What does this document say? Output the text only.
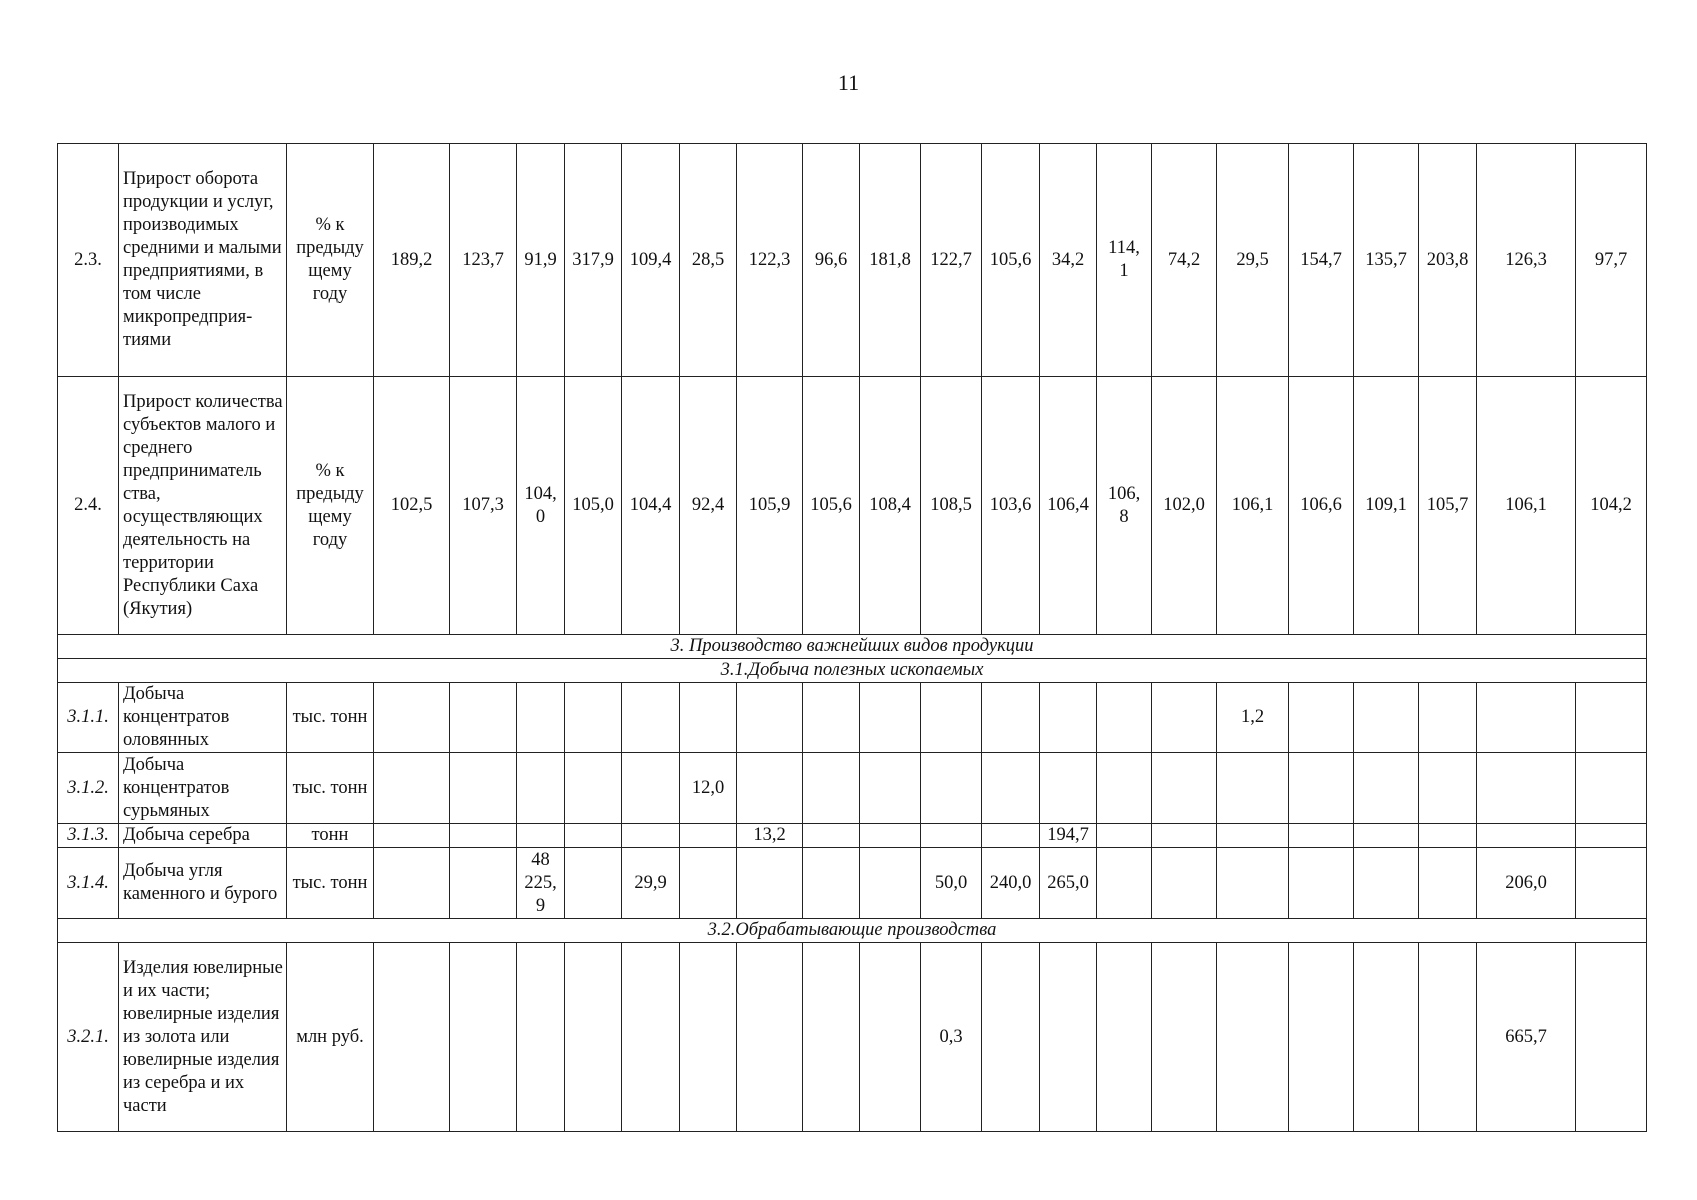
11
2.3.	Прирост оборота продукции и услуг, производимых средними и малыми предприятиями, в том числе микропредприя-тиями	% к предыду щему году	189,2	123,7	91,9	317,9	109,4	28,5	122,3	96,6	181,8	122,7	105,6	34,2	114, 1	74,2	29,5	154,7	135,7	203,8	126,3	97,7
2.4.	Прирост количества субъектов малого и среднего предприниматель ства, осуществляющих деятельность на территории Республики Саха (Якутия)	% к предыду щему году	102,5	107,3	104, 0	105,0	104,4	92,4	105,9	105,6	108,4	108,5	103,6	106,4	106, 8	102,0	106,1	106,6	109,1	105,7	106,1	104,2
3. Производство важнейших видов продукции																						
3.1.Добыча полезных ископаемых																						
3.1.1.	Добыча концентратов оловянных	тыс. тонн															1,2					
3.1.2.	Добыча концентратов сурьмяных	тыс. тонн						12,0														
3.1.3.	Добыча серебра	тонн							13,2					194,7								
3.1.4.	Добыча угля каменного и бурого	тыс. тонн			48 225, 9		29,9					50,0	240,0	265,0							206,0	
3.2.Обрабатывающие производства																						
3.2.1.	Изделия ювелирные и их части; ювелирные изделия из золота или ювелирные изделия из серебра и их части	млн руб.										0,3									665,7	
